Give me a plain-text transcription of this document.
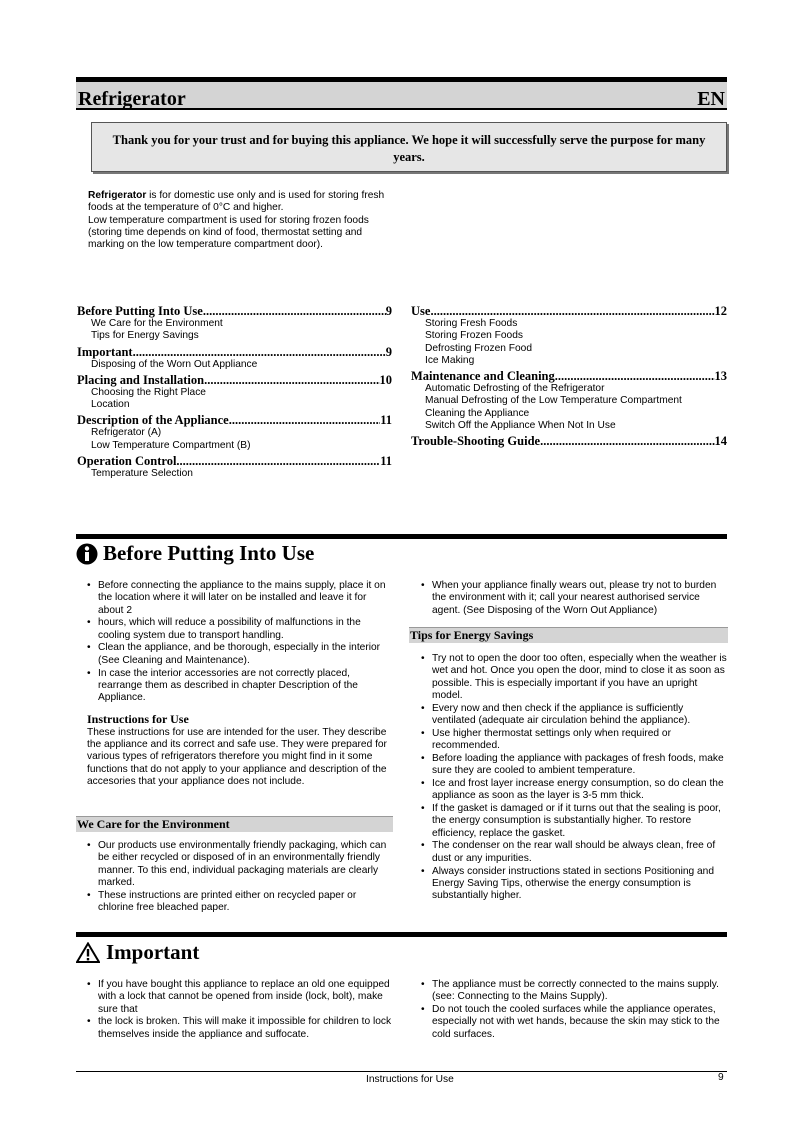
Refrigerator	EN
Thank you for your trust and for buying this appliance. We hope it will successfully serve the purpose for many years.
Refrigerator is for domestic use only and is used for storing fresh foods at the temperature of 0°C and higher.
Low temperature compartment is used for storing frozen foods (storing time depends on kind of food, thermostat setting and marking on the low temperature compartment door).
Before Putting Into Use .....	9
We Care for the Environment
Tips for Energy Savings
Important .....	9
Disposing of the Worn Out Appliance
Placing and Installation .....	10
Choosing the Right Place
Location
Description of the Appliance .....	11
Refrigerator (A)
Low Temperature Compartment (B)
Operation Control .....	11
Temperature Selection
Use .....	12
Storing Fresh Foods
Storing Frozen Foods
Defrosting Frozen Food
Ice Making
Maintenance and Cleaning .....	13
Automatic Defrosting of the Refrigerator
Manual Defrosting of the Low Temperature Compartment
Cleaning the Appliance
Switch Off the Appliance When Not In Use
Trouble-Shooting Guide .....	14
Before Putting Into Use
• Before connecting the appliance to the mains supply, place it on the location where it will later on be installed and leave it for about 2
• hours, which will reduce a possibility of malfunctions in the cooling system due to transport handling.
• Clean the appliance, and be thorough, especially in the interior (See Cleaning and Maintenance).
• In case the interior accessories are not correctly placed, rearrange them as described in chapter Description of the Appliance.
Instructions for Use
These instructions for use are intended for the user. They describe the appliance and its correct and safe use. They were prepared for various types of refrigerators therefore you might find in it some functions that do not apply to your appliance and description of the accesories that your appliance does not include.
We Care for the Environment
• Our products use environmentally friendly packaging, which can be either recycled or disposed of in an environmentally friendly manner. To this end, individual packaging materials are clearly marked.
• These instructions are printed either on recycled paper or chlorine free bleached paper.
• When your appliance finally wears out, please try not to burden the environment with it; call your nearest authorised service agent. (See Disposing of the Worn Out Appliance)
Tips for Energy Savings
• Try not to open the door too often, especially when the weather is wet and hot. Once you open the door, mind to close it as soon as possible. This is especially important if you have an upright model.
• Every now and then check if the appliance is sufficiently ventilated (adequate air circulation behind the appliance).
• Use higher thermostat settings only when required or recommended.
• Before loading the appliance with packages of fresh foods, make sure they are cooled to ambient temperature.
• Ice and frost layer increase energy consumption, so do clean the appliance as soon as the layer is 3-5 mm thick.
• If the gasket is damaged or if it turns out that the sealing is poor, the energy consumption is substantially higher. To restore efficiency, replace the gasket.
• The condenser on the rear wall should be always clean, free of dust or any impurities.
• Always consider instructions stated in sections Positioning and Energy Saving Tips, otherwise the energy consumption is substantially higher.
Important
• If you have bought this appliance to replace an old one equipped with a lock that cannot be opened from inside (lock, bolt), make sure that
• the lock is broken. This will make it impossible for children to lock themselves inside the appliance and suffocate.
• The appliance must be correctly connected to the mains supply. (see: Connecting to the Mains Supply).
• Do not touch the cooled surfaces while the appliance operates, especially not with wet hands, because the skin may stick to the cold surfaces.
Instructions for Use	9
